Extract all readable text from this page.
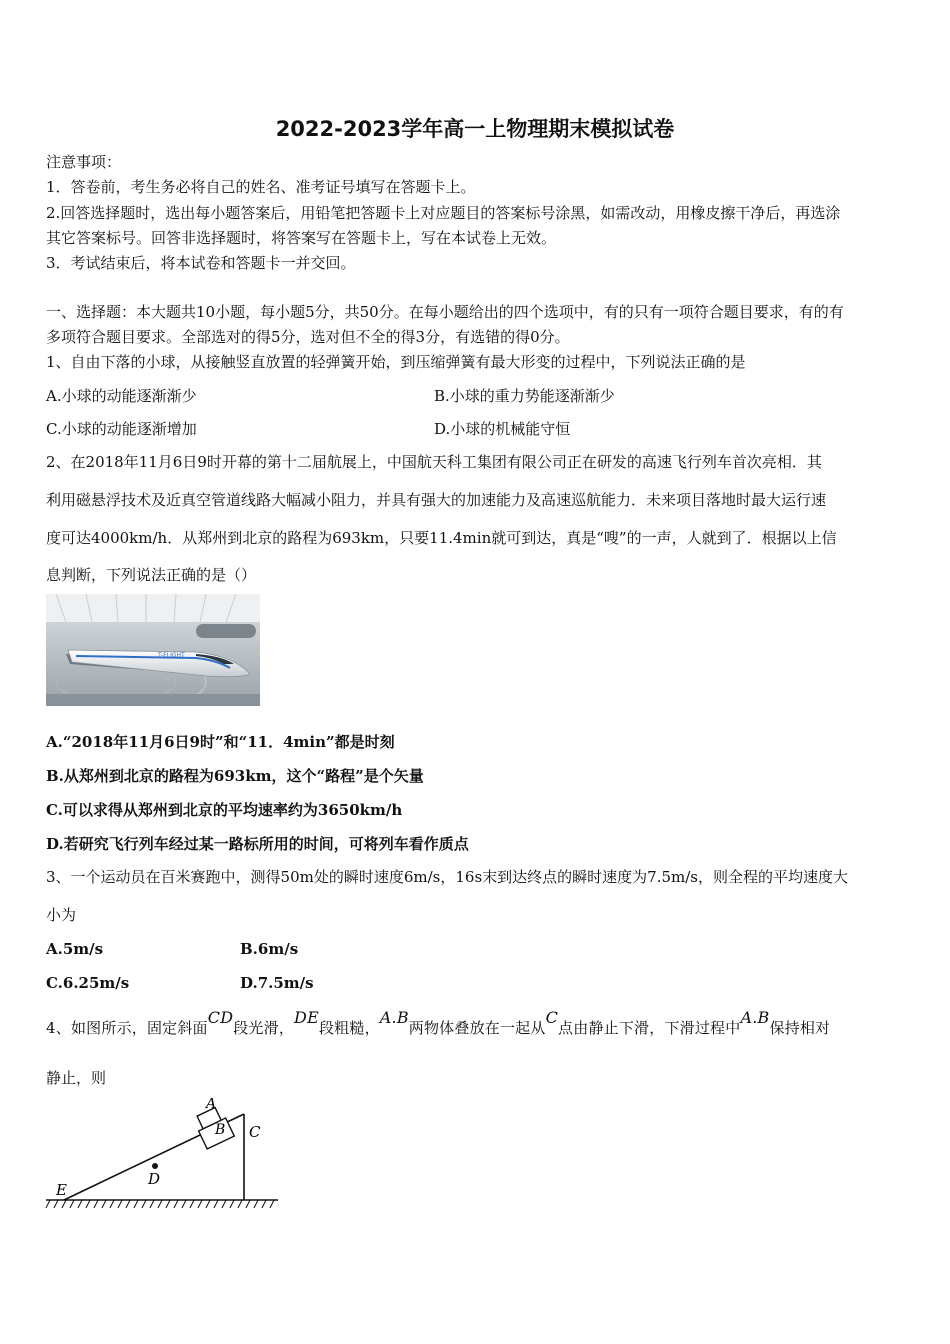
2022-2023学年高一上物理期末模拟试卷
注意事项：
1．答卷前，考生务必将自己的姓名、准考证号填写在答题卡上。
2.回答选择题时，选出每小题答案后，用铅笔把答题卡上对应题目的答案标号涂黑，如需改动，用橡皮擦干净后，再选涂
其它答案标号。回答非选择题时，将答案写在答题卡上，写在本试卷上无效。
3．考试结束后，将本试卷和答题卡一并交回。
一、选择题：本大题共10小题，每小题5分，共50分。在每小题给出的四个选项中，有的只有一项符合题目要求，有的有
多项符合题目要求。全部选对的得5分，选对但不全的得3分，有选错的得0分。
1、自由下落的小球，从接触竖直放置的轻弹簧开始，到压缩弹簧有最大形变的过程中，下列说法正确的是
A.小球的动能逐渐渐少	B.小球的重力势能逐渐渐少
C.小球的动能逐渐增加	D.小球的机械能守恒
2、在2018年11月6日9时开幕的第十二届航展上，中国航天科工集团有限公司正在研发的高速飞行列车首次亮相．其
利用磁悬浮技术及近真空管道线路大幅减小阻力，并具有强大的加速能力及高速巡航能力．未来项目落地时最大运行速
度可达4000km/h．从郑州到北京的路程为693km，只要11.4min就可到达，真是“嗖”的一声，人就到了．根据以上信
息判断，下列说法正确的是（）
T-FLIGHT
A.“2018年11月6日9时”和“11．4min”都是时刻
B.从郑州到北京的路程为693km，这个“路程”是个矢量
C.可以求得从郑州到北京的平均速率约为3650km/h
D.若研究飞行列车经过某一路标所用的时间，可将列车看作质点
3、一个运动员在百米赛跑中，测得50m处的瞬时速度6m/s，16s末到达终点的瞬时速度为7.5m/s，则全程的平均速度大
小为
A.5m/s	B.6m/s
C.6.25m/s	D.7.5m/s
4、如图所示，固定斜面CD段光滑，DE段粗糙，A.B两物体叠放在一起从C点由静止下滑，下滑过程中A.B保持相对
静止，则
A
B C
D
E
